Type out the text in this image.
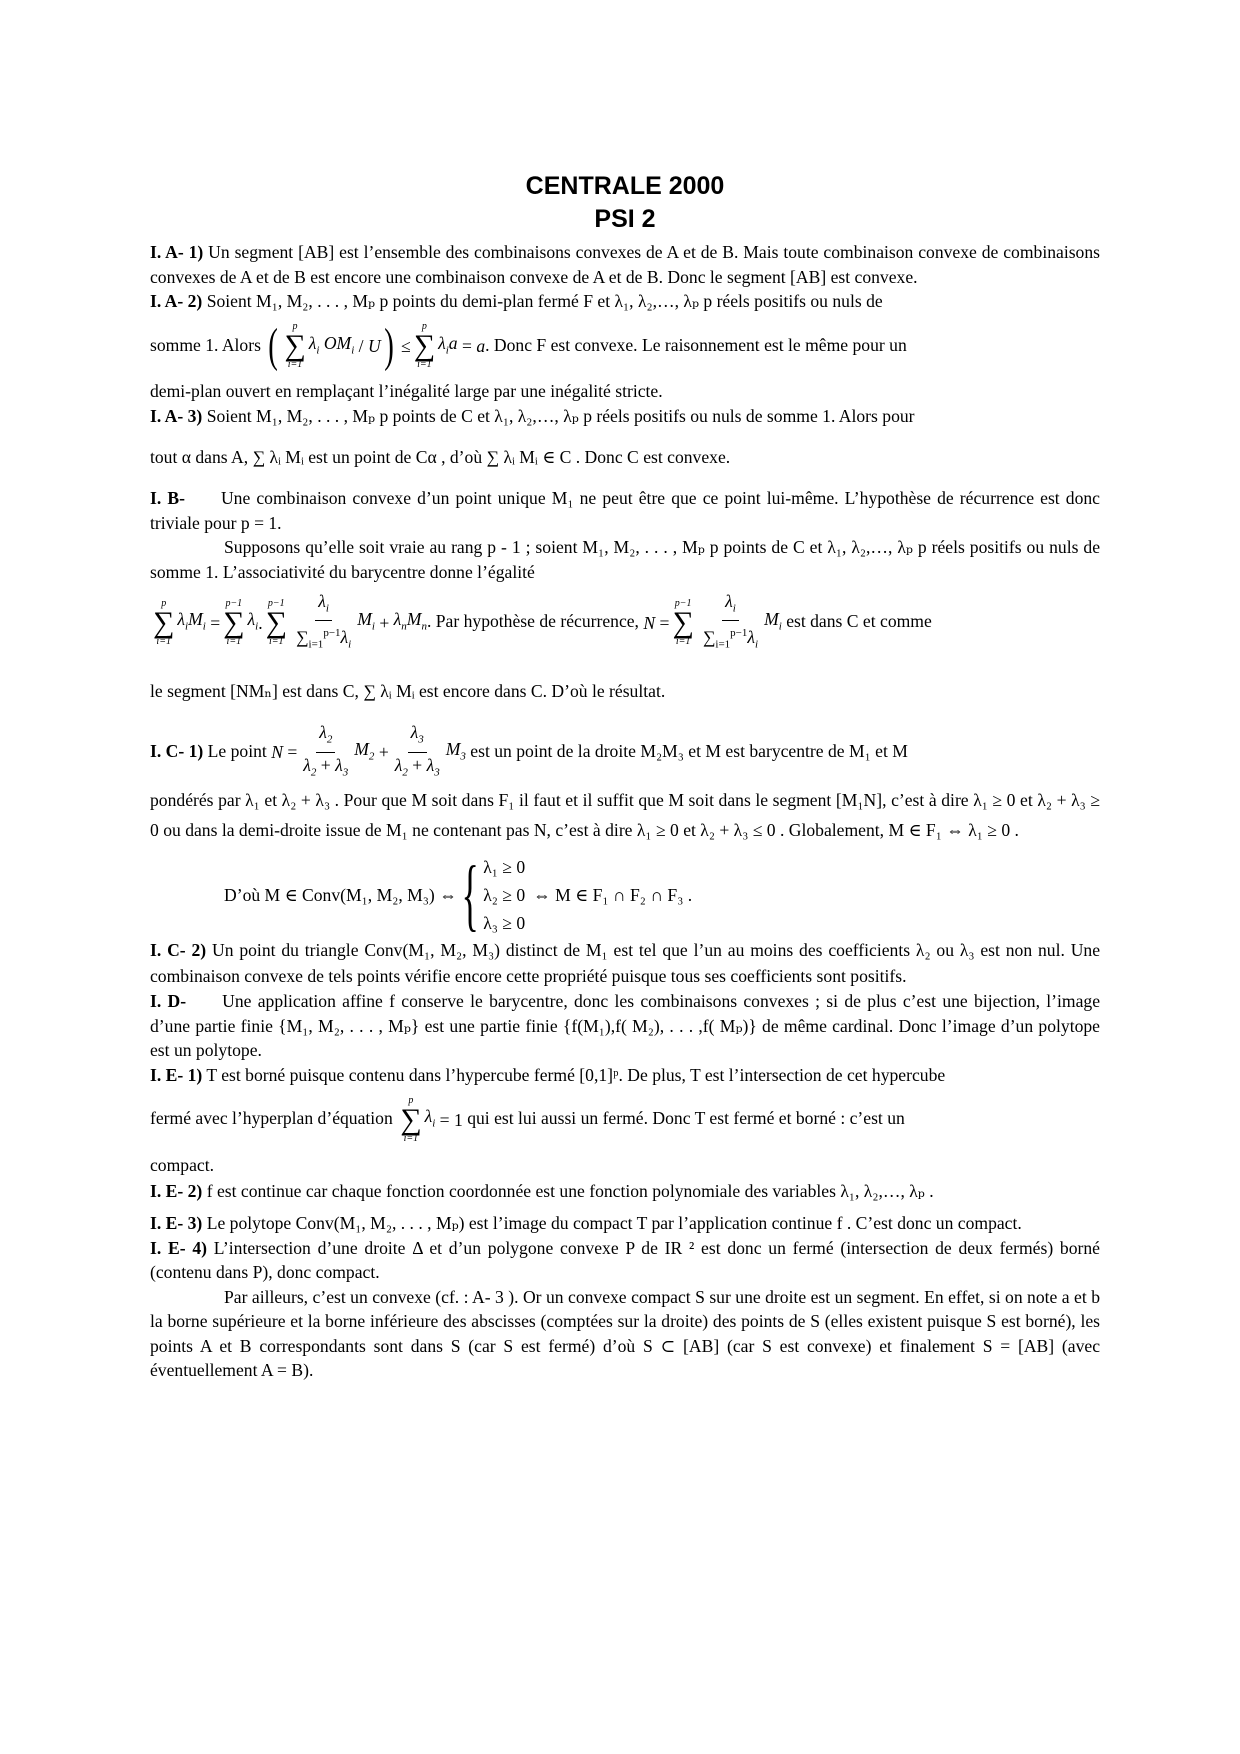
CENTRALE 2000
PSI 2

I. A- 1) Un segment [AB] est l’ensemble des combinaisons convexes de A et de B. Mais toute combinaison convexe de combinaisons convexes de A et de B est encore une combinaison convexe de A et de B. Donc le segment [AB] est convexe.

I. A- 2) Soient M₁, M₂, . . . , Mₚ p points du demi-plan fermé F et λ₁, λ₂,…, λₚ p réels positifs ou nuls de

somme 1. Alors ( p
∑
i=1
$\lambda_i$ $OM_i$ / U ) ≤
p
∑
i=1
$\lambda_ia = a$ . Donc F est convexe. Le raisonnement est le même pour un

demi-plan ouvert en remplaçant l’inégalité large par une inégalité stricte.

I. A- 3) Soient M₁, M₂, . . . , Mₚ p points de C et λ₁, λ₂,…, λₚ p réels positifs ou nuls de somme 1. Alors pour

tout α dans A, ∑ λᵢ Mᵢ est un point de Cα , d’où ∑ λᵢ Mᵢ ∈ C . Donc C est convexe.

I. B- Une combinaison convexe d’un point unique M₁ ne peut être que ce point lui-même. L’hypothèse de récurrence est donc triviale pour p = 1.

Supposons qu’elle soit vraie au rang p - 1 ; soient M₁, M₂, . . . , Mₚ p points de C et λ₁, λ₂,…, λₚ p réels positifs ou nuls de somme 1. L’associativité du barycentre donne l’égalité

p
∑
i=1
$\lambda_iM_i$ =
p−1
∑
i=1
$\lambda_i$ .
p−1
∑
$i=1 \frac{\lambda_i}{\sum_{i=1}^{p-1}\lambda_i} M_i + \lambda_nM_n$ . Par hypothèse de récurrence, N =
p−1
∑
$i=1 \frac{\lambda_i}{\sum_{i=1}^{p-1}\lambda_i} M_i$ est dans C et comme

le segment [NMₙ] est dans C, ∑ λᵢ Mᵢ est encore dans C. D’où le résultat.

I. C- 1) Le point $N = \frac{\lambda_2}{\lambda_2 + \lambda_3} M_2 + \frac{\lambda_3}{\lambda_2 + \lambda_3} M_3$ est un point de la droite M₂M₃ et M est barycentre de M₁ et M

pondérés par λ₁ et λ₂ + λ₃ . Pour que M soit dans F₁ il faut et il suffit que M soit dans le segment [M₁N], c’est à dire λ₁ ≥ 0 et λ₂ + λ₃ ≥ 0 ou dans la demi-droite issue de M₁ ne contenant pas N, c’est à dire λ₁ ≥ 0 et λ₂ + λ₃ ≤ 0 . Globalement, M ∈ F₁ ⇔ λ₁ ≥ 0 .

D’où M ∈ Conv(M₁, M₂, M₃) ⇔ { λ₁ ≥ 0
λ₂ ≥ 0
λ₃ ≥ 0
⇔ M ∈ F₁ ∩ F₂ ∩ F₃ .

I. C- 2) Un point du triangle Conv(M₁, M₂, M₃) distinct de M₁ est tel que l’un au moins des coefficients λ₂ ou λ₃ est non nul. Une combinaison convexe de tels points vérifie encore cette propriété puisque tous ses coefficients sont positifs.

I. D- Une application affine f conserve le barycentre, donc les combinaisons convexes ; si de plus c’est une bijection, l’image d’une partie finie {M₁, M₂, . . . , Mₚ} est une partie finie {f(M₁),f( M₂), . . . ,f( Mₚ)} de même cardinal. Donc l’image d’un polytope est un polytope.

I. E- 1) T est borné puisque contenu dans l’hypercube fermé [0,1]ᵖ. De plus, T est l’intersection de cet hypercube

fermé avec l’hyperplan d’équation
p
∑
i=1
$\lambda_i = 1$ qui est lui aussi un fermé. Donc T est fermé et borné : c’est un

compact.

I. E- 2) f est continue car chaque fonction coordonnée est une fonction polynomiale des variables λ₁, λ₂,…, λₚ .

I. E- 3) Le polytope Conv(M₁, M₂, . . . , Mₚ) est l’image du compact T par l’application continue f . C’est donc un compact.

I. E- 4) L’intersection d’une droite Δ et d’un polygone convexe P de IR ² est donc un fermé (intersection de deux fermés) borné (contenu dans P), donc compact.

Par ailleurs, c’est un convexe (cf. : A- 3 ). Or un convexe compact S sur une droite est un segment. En effet, si on note a et b la borne supérieure et la borne inférieure des abscisses (comptées sur la droite) des points de S (elles existent puisque S est borné), les points A et B correspondants sont dans S (car S est fermé) d’où S ⊂ [AB] (car S est convexe) et finalement S = [AB] (avec éventuellement A = B).
